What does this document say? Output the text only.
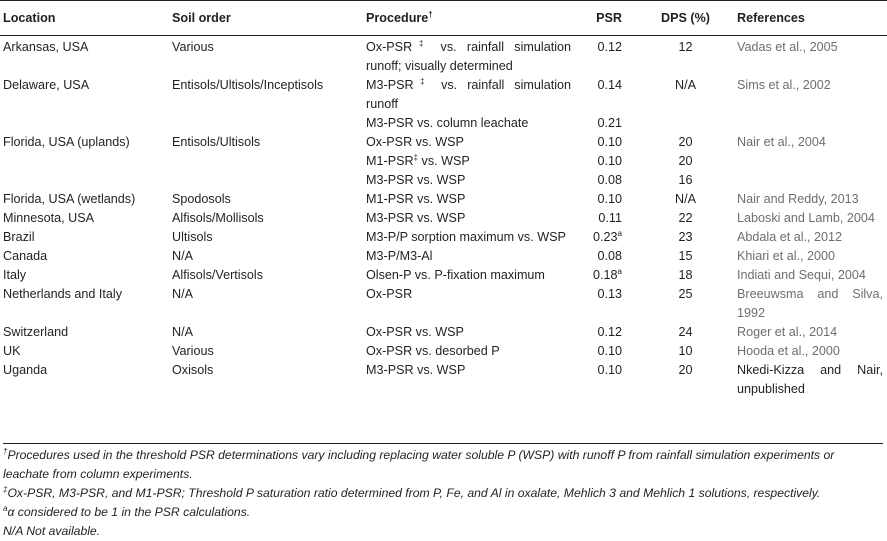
Location	Soil order	Procedure†	PSR	DPS (%)	References
Arkansas, USA	Various	Ox-PSR‡ vs. rainfall simulation runoff; visually determined	0.12	12	Vadas et al., 2005
Delaware, USA	Entisols/Ultisols/Inceptisols	M3-PSR‡ vs. rainfall simulation runoff	0.14	N/A	Sims et al., 2002
		M3-PSR vs. column leachate	0.21		
Florida, USA (uplands)	Entisols/Ultisols	Ox-PSR vs. WSP	0.10	20	Nair et al., 2004
		M1-PSR‡ vs. WSP	0.10	20	
		M3-PSR vs. WSP	0.08	16	
Florida, USA (wetlands)	Spodosols	M1-PSR vs. WSP	0.10	N/A	Nair and Reddy, 2013
Minnesota, USA	Alfisols/Mollisols	M3-PSR vs. WSP	0.11	22	Laboski and Lamb, 2004
Brazil	Ultisols	M3-P/P sorption maximum vs. WSP	0.23$^a$	23	Abdala et al., 2012
Canada	N/A	M3-P/M3-Al	0.08	15	Khiari et al., 2000
Italy	Alfisols/Vertisols	Olsen-P vs. P-fixation maximum	0.18$^a$	18	Indiati and Sequi, 2004
Netherlands and Italy	N/A	Ox-PSR	0.13	25	Breeuwsma and Silva, 1992
Switzerland	N/A	Ox-PSR vs. WSP	0.12	24	Roger et al., 2014
UK	Various	Ox-PSR vs. desorbed P	0.10	10	Hooda et al., 2000
Uganda	Oxisols	M3-PSR vs. WSP	0.10	20	Nkedi-Kizza and Nair, unpublished

†Procedures used in the threshold PSR determinations vary including replacing water soluble P (WSP) with runoff P from rainfall simulation experiments or leachate from column experiments.

‡Ox-PSR, M3-PSR, and M1-PSR; Threshold P saturation ratio determined from P, Fe, and Al in oxalate, Mehlich 3 and Mehlich 1 solutions, respectively.

$^a$α considered to be 1 in the PSR calculations.

N/A Not available.
